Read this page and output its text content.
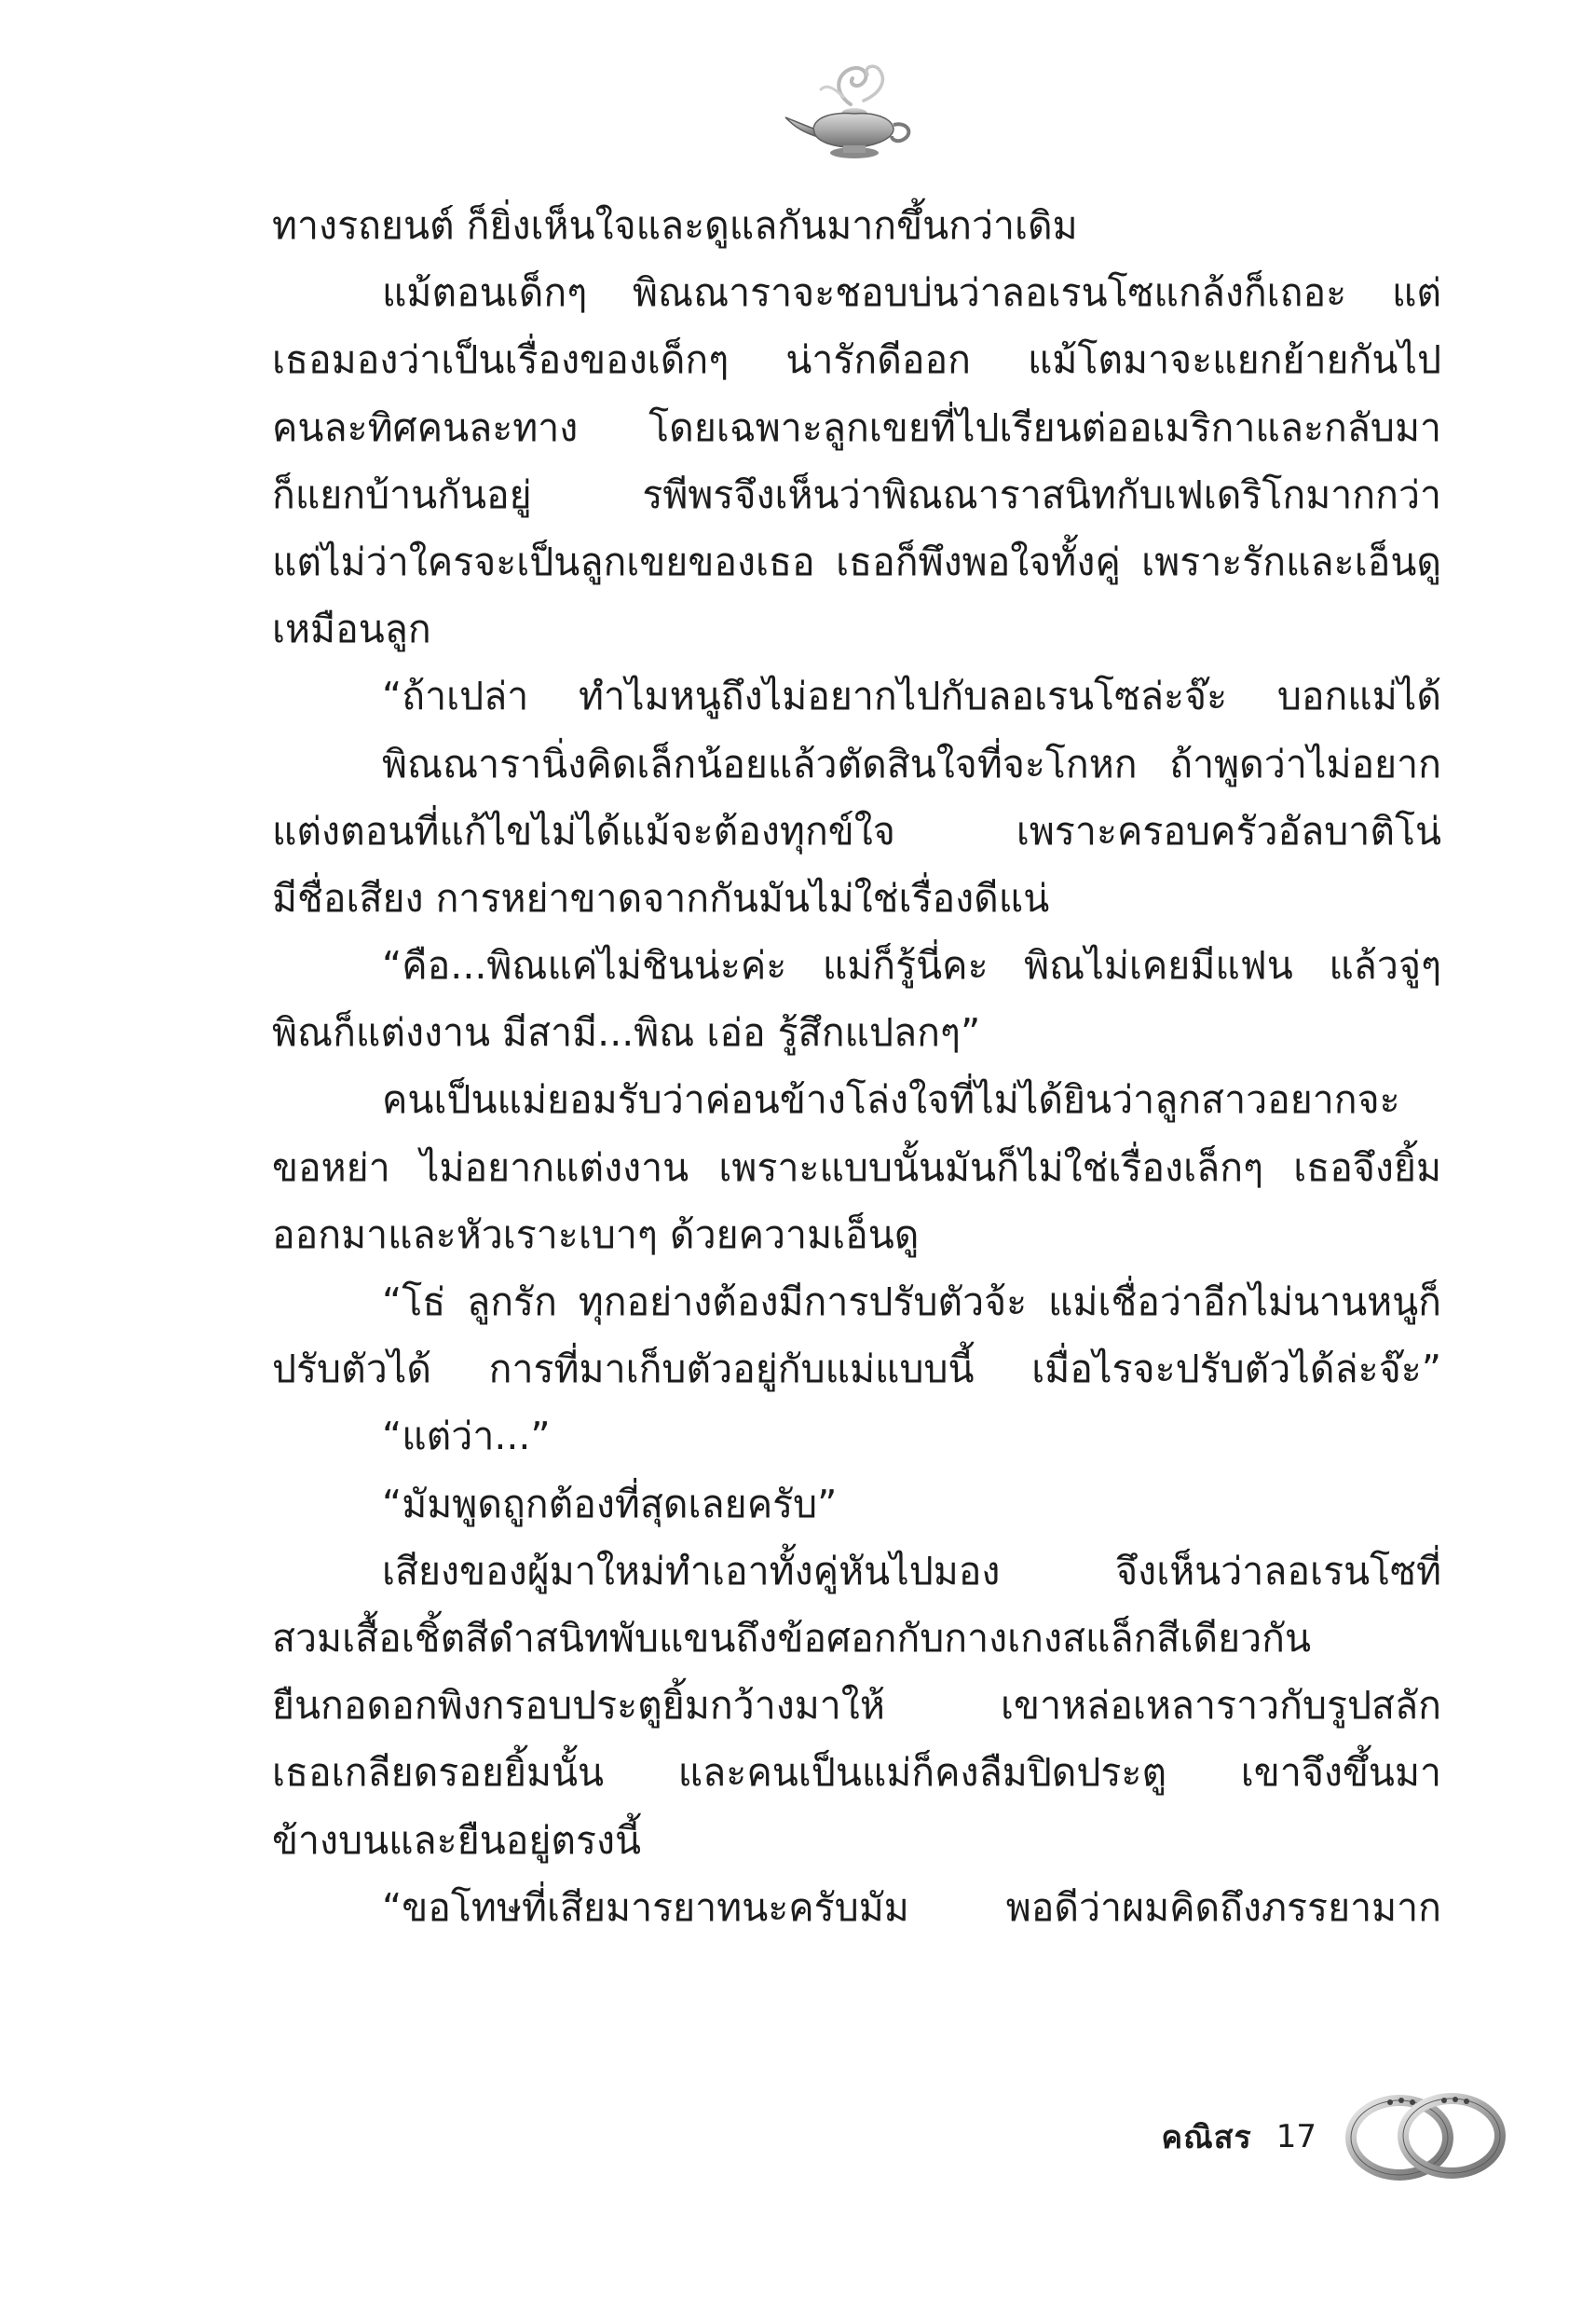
ทางรถยนต์ ก็ยิ่งเห็นใจและดูแลกันมากขึ้นกว่าเดิม
แม้ตอนเด็กๆ พิณณาราจะชอบบ่นว่าลอเรนโซแกล้งก็เถอะ แต่
เธอมองว่าเป็นเรื่องของเด็กๆ น่ารักดีออก แม้โตมาจะแยกย้ายกันไป
คนละทิศคนละทาง โดยเฉพาะลูกเขยที่ไปเรียนต่ออเมริกาและกลับมา
ก็แยกบ้านกันอยู่ รพีพรจึงเห็นว่าพิณณาราสนิทกับเฟเดริโกมากกว่า
แต่ไม่ว่าใครจะเป็นลูกเขยของเธอ เธอก็พึงพอใจทั้งคู่ เพราะรักและเอ็นดู
เหมือนลูก
“ถ้าเปล่า ทำไมหนูถึงไม่อยากไปกับลอเรนโซล่ะจ๊ะ บอกแม่ได้
พิณณารานิ่งคิดเล็กน้อยแล้วตัดสินใจที่จะโกหก ถ้าพูดว่าไม่อยาก
แต่งตอนที่แก้ไขไม่ได้แม้จะต้องทุกข์ใจ เพราะครอบครัวอัลบาติโน่
มีชื่อเสียง การหย่าขาดจากกันมันไม่ใช่เรื่องดีแน่
“คือ...พิณแค่ไม่ชินน่ะค่ะ แม่ก็รู้นี่คะ พิณไม่เคยมีแฟน แล้วจู่ๆ
พิณก็แต่งงาน มีสามี...พิณ เอ่อ รู้สึกแปลกๆ”
คนเป็นแม่ยอมรับว่าค่อนข้างโล่งใจที่ไม่ได้ยินว่าลูกสาวอยากจะ
ขอหย่า ไม่อยากแต่งงาน เพราะแบบนั้นมันก็ไม่ใช่เรื่องเล็กๆ เธอจึงยิ้ม
ออกมาและหัวเราะเบาๆ ด้วยความเอ็นดู
“โธ่ ลูกรัก ทุกอย่างต้องมีการปรับตัวจ้ะ แม่เชื่อว่าอีกไม่นานหนูก็
ปรับตัวได้ การที่มาเก็บตัวอยู่กับแม่แบบนี้ เมื่อไรจะปรับตัวได้ล่ะจ๊ะ”
“แต่ว่า...”
“มัมพูดถูกต้องที่สุดเลยครับ”
เสียงของผู้มาใหม่ทำเอาทั้งคู่หันไปมอง จึงเห็นว่าลอเรนโซที่
สวมเสื้อเชิ้ตสีดำสนิทพับแขนถึงข้อศอกกับกางเกงสแล็กสีเดียวกัน
ยืนกอดอกพิงกรอบประตูยิ้มกว้างมาให้ เขาหล่อเหลาราวกับรูปสลัก
เธอเกลียดรอยยิ้มนั้น และคนเป็นแม่ก็คงลืมปิดประตู เขาจึงขึ้นมา
ข้างบนและยืนอยู่ตรงนี้
“ขอโทษที่เสียมารยาทนะครับมัม พอดีว่าผมคิดถึงภรรยามาก
คณิสร 17
